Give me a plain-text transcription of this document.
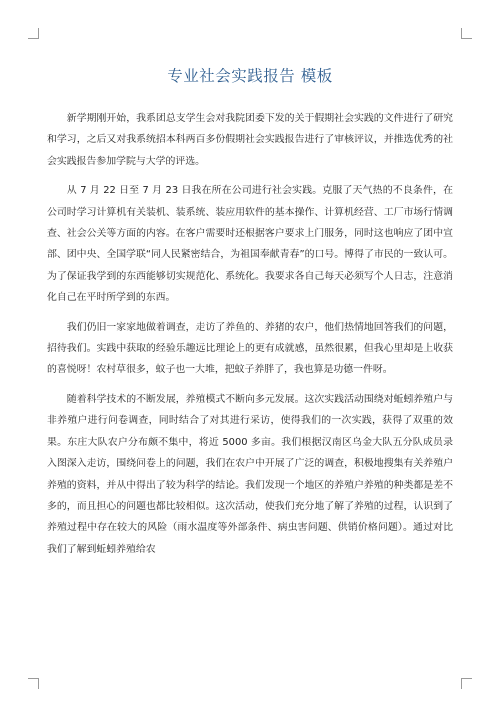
专业社会实践报告 模板

新学期刚开始，我系团总支学生会对我院团委下发的关于假期社会实践的文件进行了研究和学习，之后又对我系统招本科两百多份假期社会实践报告进行了审核评议，并推选优秀的社会实践报告参加学院与大学的评选。

从 7 月 22 日至 7 月 23 日我在所在公司进行社会实践。克服了天气热的不良条件，在公司时学习计算机有关装机、装系统、装应用软件的基本操作、计算机经营、工厂市场行情调查、社会公关等方面的内容。在客户需要时还根据客户要求上门服务，同时这也响应了团中宣部、团中央、全国学联“同人民紧密结合，为祖国奉献青春”的口号。博得了市民的一致认可。为了保证我学到的东西能够切实规范化、系统化。我要求各自己每天必须写个人日志，注意消化自己在平时所学到的东西。

我们仍旧一家家地做着调查，走访了养鱼的、养猪的农户，他们热情地回答我们的问题，招待我们。实践中获取的经验乐趣远比理论上的更有成就感，虽然很累，但我心里却是上收获的喜悦呀！农村草很多，蚊子也一大堆，把蚊子养胖了，我也算是功德一件呀。

随着科学技术的不断发展，养殖模式不断向多元发展。这次实践活动围绕对蚯蚓养殖户与非养殖户进行问卷调查，同时结合了对其进行采访，使得我们的一次实践，获得了双重的效果。东庄大队农户分布颇不集中，将近 5000 多亩。我们根据汉南区乌金大队五分队成员录入图深入走访，围绕问卷上的问题，我们在农户中开展了广泛的调查，积极地搜集有关养殖户养殖的资料，并从中得出了较为科学的结论。我们发现一个地区的养殖户养殖的种类都是差不多的，而且担心的问题也都比较相似。这次活动，使我们充分地了解了养殖的过程，认识到了养殖过程中存在较大的风险（雨水温度等外部条件、病虫害问题、供销价格问题）。通过对比我们了解到蚯蚓养殖给农
